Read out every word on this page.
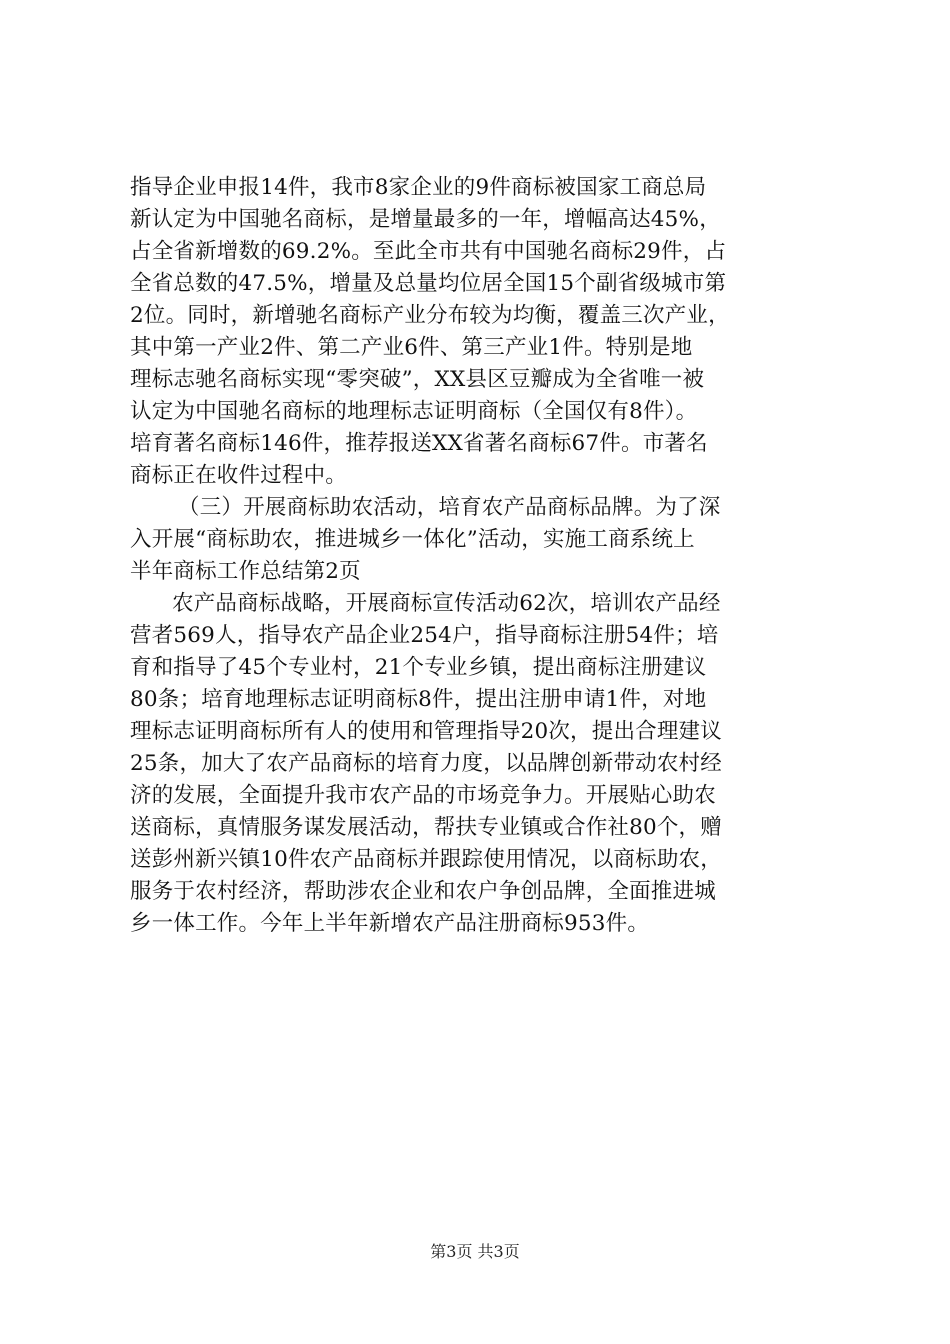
指导企业申报14件，我市8家企业的9件商标被国家工商总局
新认定为中国驰名商标，是增量最多的一年，增幅高达45%，
占全省新增数的69.2%。至此全市共有中国驰名商标29件，占
全省总数的47.5%，增量及总量均位居全国15个副省级城市第
2位。同时，新增驰名商标产业分布较为均衡，覆盖三次产业，
其中第一产业2件、第二产业6件、第三产业1件。特别是地
理标志驰名商标实现“零突破”，XX县区豆瓣成为全省唯一被
认定为中国驰名商标的地理标志证明商标（全国仅有8件）。
培育著名商标146件，推荐报送XX省著名商标67件。市著名
商标正在收件过程中。
（三）开展商标助农活动，培育农产品商标品牌。为了深
入开展“商标助农，推进城乡一体化”活动，实施工商系统上
半年商标工作总结第2页
农产品商标战略，开展商标宣传活动62次，培训农产品经
营者569人，指导农产品企业254户，指导商标注册54件；培
育和指导了45个专业村，21个专业乡镇，提出商标注册建议
80条；培育地理标志证明商标8件，提出注册申请1件，对地
理标志证明商标所有人的使用和管理指导20次，提出合理建议
25条，加大了农产品商标的培育力度，以品牌创新带动农村经
济的发展，全面提升我市农产品的市场竞争力。开展贴心助农
送商标，真情服务谋发展活动，帮扶专业镇或合作社80个，赠
送彭州新兴镇10件农产品商标并跟踪使用情况，以商标助农，
服务于农村经济，帮助涉农企业和农户争创品牌，全面推进城
乡一体工作。今年上半年新增农产品注册商标953件。
第3页 共3页
